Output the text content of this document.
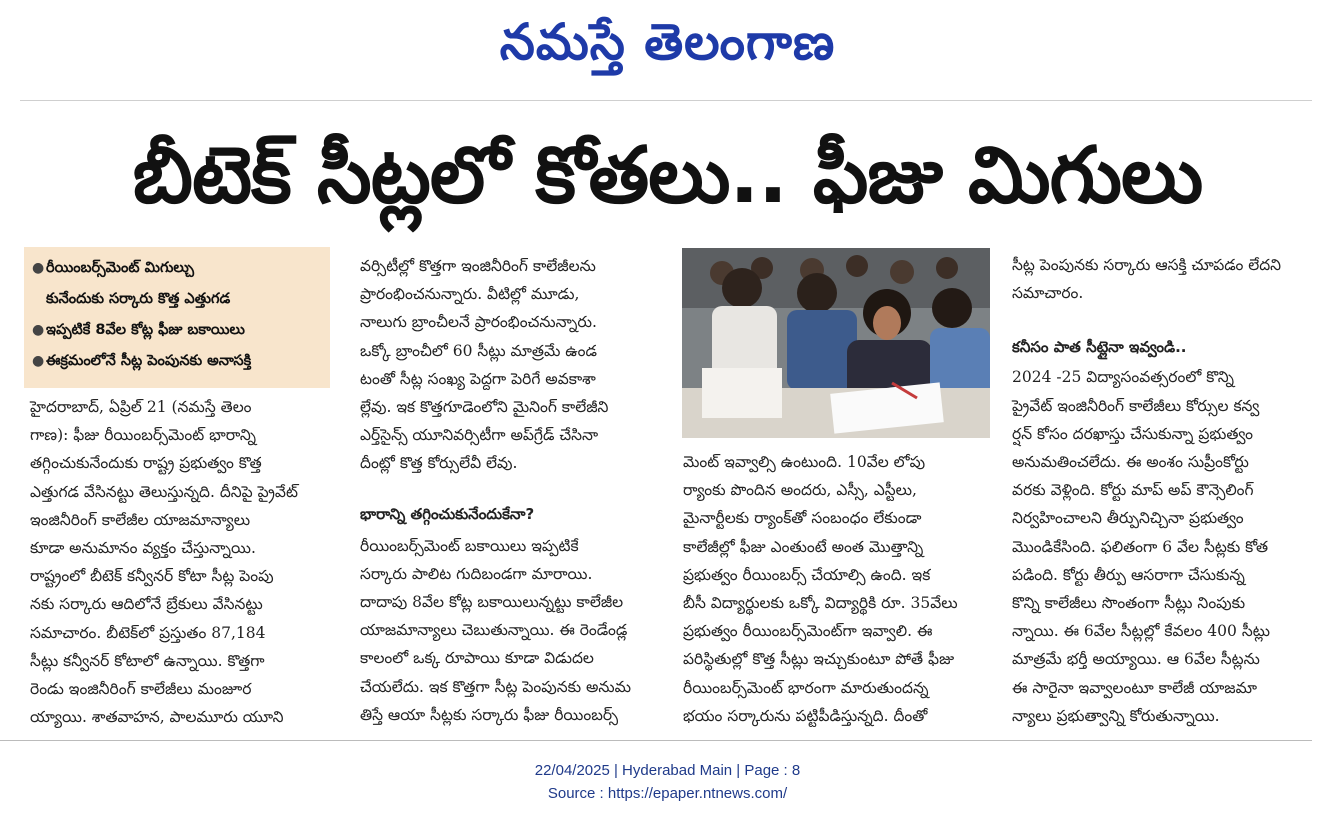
నమస్తే తెలంగాణ
బీటెక్ సీట్లలో కోతలు.. ఫీజు మిగులు
● రీయింబర్స్‌మెంట్ మిగుల్చు
కునేందుకు సర్కారు కొత్త ఎత్తుగడ
● ఇప్పటికే 8వేల కోట్ల ఫీజు బకాయిలు
● ఈక్రమంలోనే సీట్ల పెంపునకు అనాసక్తి

హైదరాబాద్, ఏప్రిల్ 21 (నమస్తే తెలం

గాణ): ఫీజు రీయింబర్స్‌మెంట్ భారాన్ని

తగ్గించుకునేందుకు రాష్ట్ర ప్రభుత్వం కొత్త

ఎత్తుగడ వేసినట్టు తెలుస్తున్నది. దీనిపై ప్రైవేట్

ఇంజినీరింగ్ కాలేజీల యాజమాన్యాలు

కూడా అనుమానం వ్యక్తం చేస్తున్నాయి.

రాష్ట్రంలో బీటెక్ కన్వీనర్ కోటా సీట్ల పెంపు

నకు సర్కారు ఆదిలోనే బ్రేకులు వేసినట్టు

సమాచారం. బీటెక్‌లో ప్రస్తుతం 87,184

సీట్లు కన్వీనర్ కోటాలో ఉన్నాయి. కొత్తగా

రెండు ఇంజినీరింగ్ కాలేజీలు మంజూర

య్యాయి. శాతవాహన, పాలమూరు యూని

వర్సిటీల్లో కొత్తగా ఇంజినీరింగ్ కాలేజీలను

ప్రారంభించనున్నారు. వీటిల్లో మూడు,

నాలుగు బ్రాంచీలనే ప్రారంభించనున్నారు.

ఒక్కో బ్రాంచీలో 60 సీట్లు మాత్రమే ఉండ

టంతో సీట్ల సంఖ్య పెద్దగా పెరిగే అవకాశా

ల్లేవు. ఇక కొత్తగూడెంలోని మైనింగ్ కాలేజీని

ఎర్త్‌సైన్స్ యూనివర్సిటీగా అప్‌గ్రేడ్ చేసినా

దీంట్లో కొత్త కోర్సులేవీ లేవు.

భారాన్ని తగ్గించుకునేందుకేనా?

రీయింబర్స్‌మెంట్ బకాయిలు ఇప్పటికే

సర్కారు పాలిట గుదిబండగా మారాయి.

దాదాపు 8వేల కోట్ల బకాయిలున్నట్టు కాలేజీల

యాజమాన్యాలు చెబుతున్నాయి. ఈ రెండేండ్ల

కాలంలో ఒక్క రూపాయి కూడా విడుదల

చేయలేదు. ఇక కొత్తగా సీట్ల పెంపునకు అనుమ

తిస్తే ఆయా సీట్లకు సర్కారు ఫీజు రీయింబర్స్

మెంట్ ఇవ్వాల్సి ఉంటుంది. 10వేల లోపు

ర్యాంకు పొందిన అందరు, ఎస్సీ, ఎస్టీలు,

మైనార్టీలకు ర్యాంక్‌తో సంబంధం లేకుండా

కాలేజీల్లో ఫీజు ఎంతుంటే అంత మొత్తాన్ని

ప్రభుత్వం రీయింబర్స్ చేయాల్సి ఉంది. ఇక

బీసీ విద్యార్థులకు ఒక్కో విద్యార్థికి రూ. 35వేలు

ప్రభుత్వం రీయింబర్స్‌మెంట్‌గా ఇవ్వాలి. ఈ

పరిస్థితుల్లో కొత్త సీట్లు ఇచ్చుకుంటూ పోతే ఫీజు

రీయింబర్స్‌మెంట్ భారంగా మారుతుందన్న

భయం సర్కారును పట్టిపీడిస్తున్నది. దీంతో

సీట్ల పెంపునకు సర్కారు ఆసక్తి చూపడం లేదని

సమాచారం.

కనీసం పాత సీట్లైనా ఇవ్వండి..

2024 -25 విద్యాసంవత్సరంలో కొన్ని

ప్రైవేట్ ఇంజినీరింగ్ కాలేజీలు కోర్సుల కన్వ

ర్షన్ కోసం దరఖాస్తు చేసుకున్నా ప్రభుత్వం

అనుమతించలేదు. ఈ అంశం సుప్రీంకోర్టు

వరకు వెళ్లింది. కోర్టు మాప్ అప్ కౌన్సెలింగ్

నిర్వహించాలని తీర్పునిచ్చినా ప్రభుత్వం

మొండికేసింది. ఫలితంగా 6 వేల సీట్లకు కోత

పడింది. కోర్టు తీర్పు ఆసరాగా చేసుకున్న

కొన్ని కాలేజీలు సొంతంగా సీట్లు నింపుకు

న్నాయి. ఈ 6వేల సీట్లల్లో కేవలం 400 సీట్లు

మాత్రమే భర్తీ అయ్యాయి. ఆ 6వేల సీట్లను

ఈ సారైనా ఇవ్వాలంటూ కాలేజీ యాజమా

న్యాలు ప్రభుత్వాన్ని కోరుతున్నాయి.

22/04/2025 | Hyderabad Main | Page : 8
Source : https://epaper.ntnews.com/
